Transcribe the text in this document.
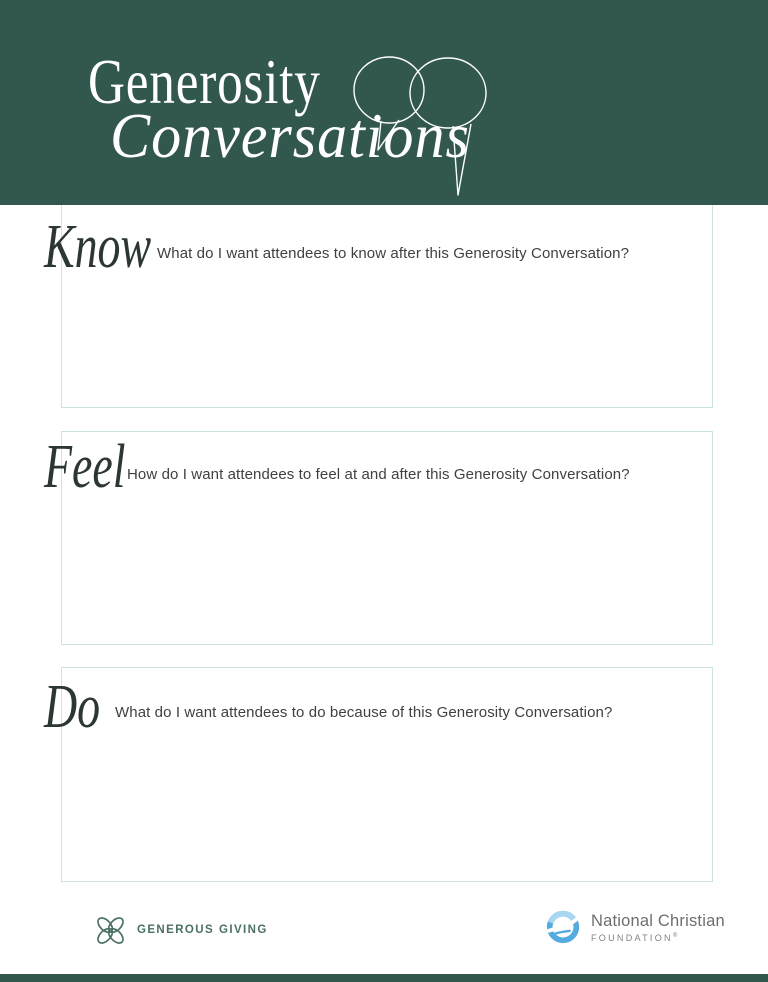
Generosity
Conversations
Know What do I want attendees to know after this Generosity Conversation?
Feel How do I want attendees to feel at and after this Generosity Conversation?
Do What do I want attendees to do because of this Generosity Conversation?
GENEROUS GIVING
National Christian
FOUNDATION®
